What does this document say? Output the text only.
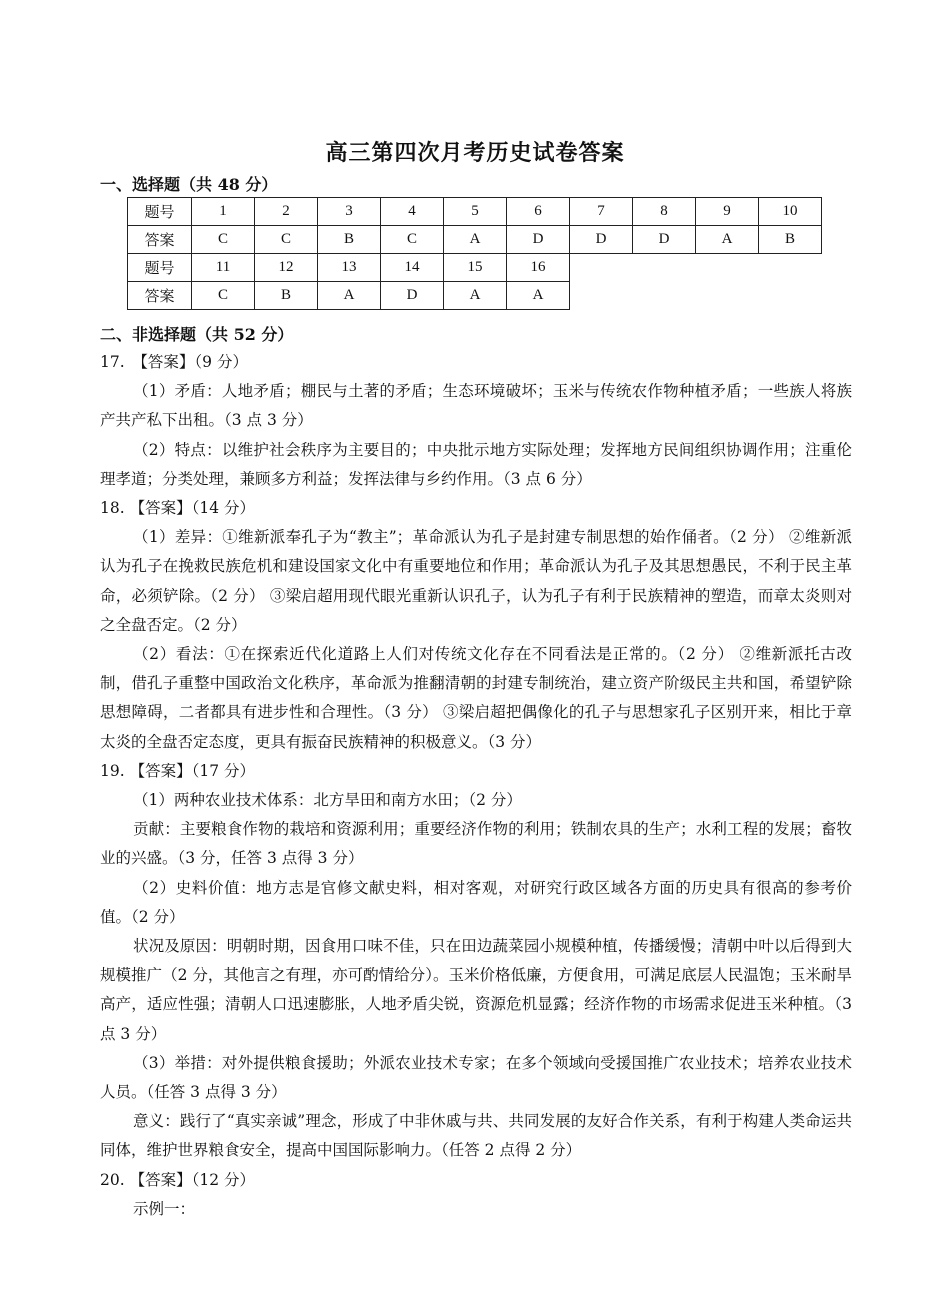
高三第四次月考历史试卷答案
一、选择题（共 48 分）
题号	1	2	3	4	5	6	7	8	9	10
答案	C	C	B	C	A	D	D	D	A	B
题号	11	12	13	14	15	16				
答案	C	B	A	D	A	A				
二、非选择题（共 52 分）

17.　【答案】（9 分）

（1）矛盾：人地矛盾；棚民与土著的矛盾；生态环境破坏；玉米与传统农作物种植矛盾；一些族人将族产共产私下出租。（3 点 3 分）

（2）特点：以维护社会秩序为主要目的；中央批示地方实际处理；发挥地方民间组织协调作用；注重伦理孝道；分类处理，兼顾多方利益；发挥法律与乡约作用。（3 点 6 分）

18. 【答案】（14 分）

（1）差异：①维新派奉孔子为“教主”；革命派认为孔子是封建专制思想的始作俑者。（2 分） ②维新派认为孔子在挽救民族危机和建设国家文化中有重要地位和作用；革命派认为孔子及其思想愚民，不利于民主革命，必须铲除。（2 分） ③梁启超用现代眼光重新认识孔子，认为孔子有利于民族精神的塑造，而章太炎则对之全盘否定。（2 分）

（2）看法：①在探索近代化道路上人们对传统文化存在不同看法是正常的。（2 分） ②维新派托古改制，借孔子重整中国政治文化秩序，革命派为推翻清朝的封建专制统治，建立资产阶级民主共和国，希望铲除思想障碍，二者都具有进步性和合理性。（3 分） ③梁启超把偶像化的孔子与思想家孔子区别开来，相比于章太炎的全盘否定态度，更具有振奋民族精神的积极意义。（3 分）

19. 【答案】（17 分）

（1）两种农业技术体系：北方旱田和南方水田；（2 分）

贡献：主要粮食作物的栽培和资源利用；重要经济作物的利用；铁制农具的生产；水利工程的发展；畜牧业的兴盛。（3 分，任答 3 点得 3 分）

（2）史料价值：地方志是官修文献史料，相对客观，对研究行政区域各方面的历史具有很高的参考价值。（2 分）

状况及原因：明朝时期，因食用口味不佳，只在田边蔬菜园小规模种植，传播缓慢；清朝中叶以后得到大规模推广（2 分，其他言之有理，亦可酌情给分）。玉米价格低廉，方便食用，可满足底层人民温饱；玉米耐旱高产，适应性强；清朝人口迅速膨胀，人地矛盾尖锐，资源危机显露；经济作物的市场需求促进玉米种植。（3 点 3 分）

（3）举措：对外提供粮食援助；外派农业技术专家；在多个领域向受援国推广农业技术；培养农业技术人员。（任答 3 点得 3 分）

意义：践行了“真实亲诚”理念，形成了中非休戚与共、共同发展的友好合作关系，有利于构建人类命运共同体，维护世界粮食安全，提高中国国际影响力。（任答 2 点得 2 分）

20. 【答案】（12 分）

示例一：
